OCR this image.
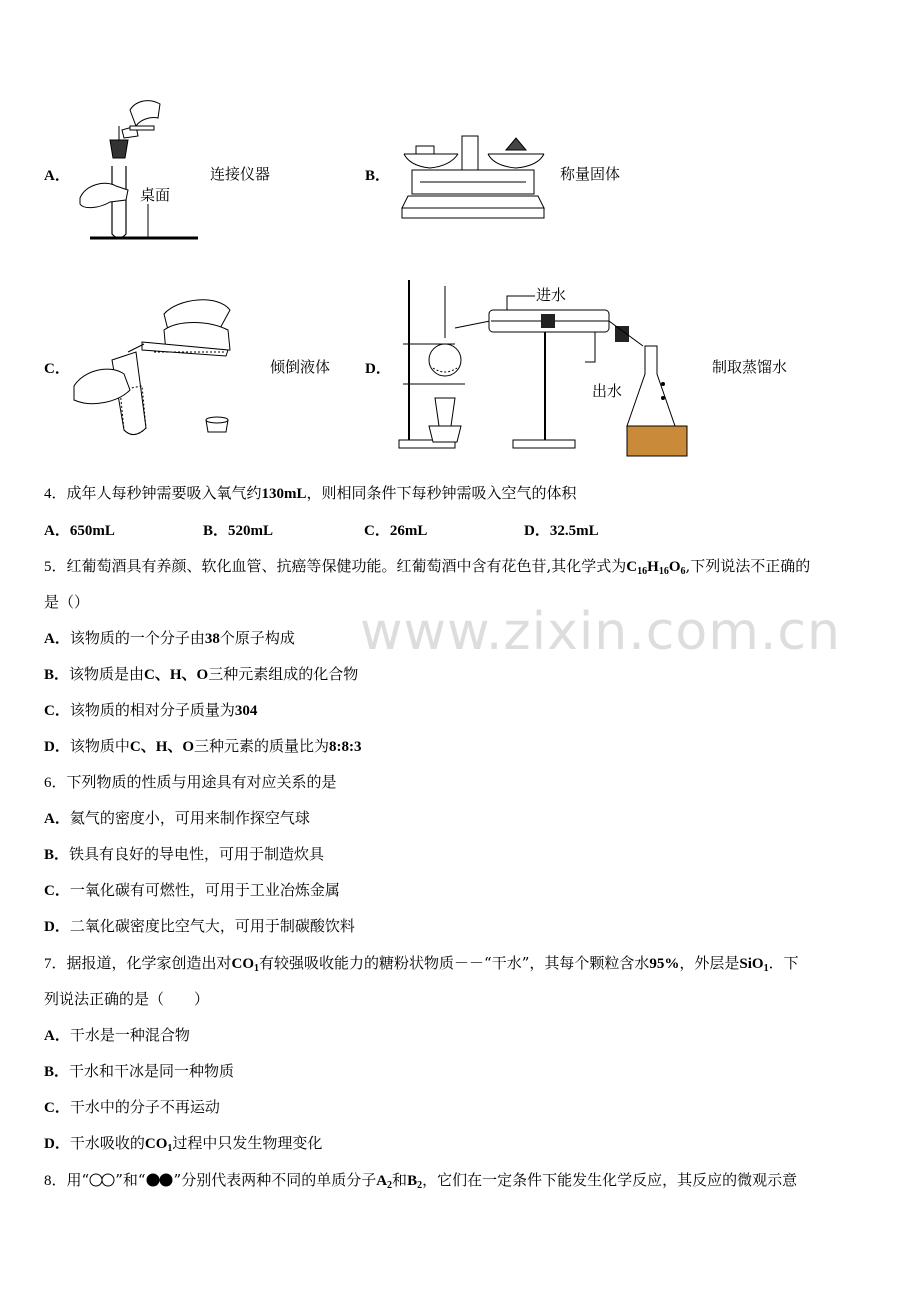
A．
桌面
连接仪器	B．	称量固体
C．	倾倒液体 D．
进水
出水
制取蒸馏水
www.zixin.com.cn
4．成年人每秒钟需要吸入氧气约130mL，则相同条件下每秒钟需吸入空气的体积
A．650mL	B．520mL	C．26mL	D．32.5mL
5．红葡萄酒具有养颜、软化血管、抗癌等保健功能。红葡萄酒中含有花色苷,其化学式为$C_{16}H_{16}O_6$,下列说法不正确的
是（）
A．该物质的一个分子由38个原子构成
B．该物质是由C、H、O三种元素组成的化合物
C．该物质的相对分子质量为304
D．该物质中C、H、O三种元素的质量比为8:8:3
6．下列物质的性质与用途具有对应关系的是
A．氦气的密度小，可用来制作探空气球
B．铁具有良好的导电性，可用于制造炊具
C．一氧化碳有可燃性，可用于工业冶炼金属
D．二氧化碳密度比空气大，可用于制碳酸饮料
7．据报道，化学家创造出对$CO_1$有较强吸收能力的糖粉状物质－－“干水”，其每个颗粒含水95%，外层是SiO$_1$．下
列说法正确的是（　　）
A．干水是一种混合物
B．干水和干冰是同一种物质
C．干水中的分子不再运动
D．干水吸收的$CO_1$过程中只发生物理变化
8．用“ ”和“ ”分别代表两种不同的单质分子$A_2$和$B_2$，它们在一定条件下能发生化学反应，其反应的微观示意
